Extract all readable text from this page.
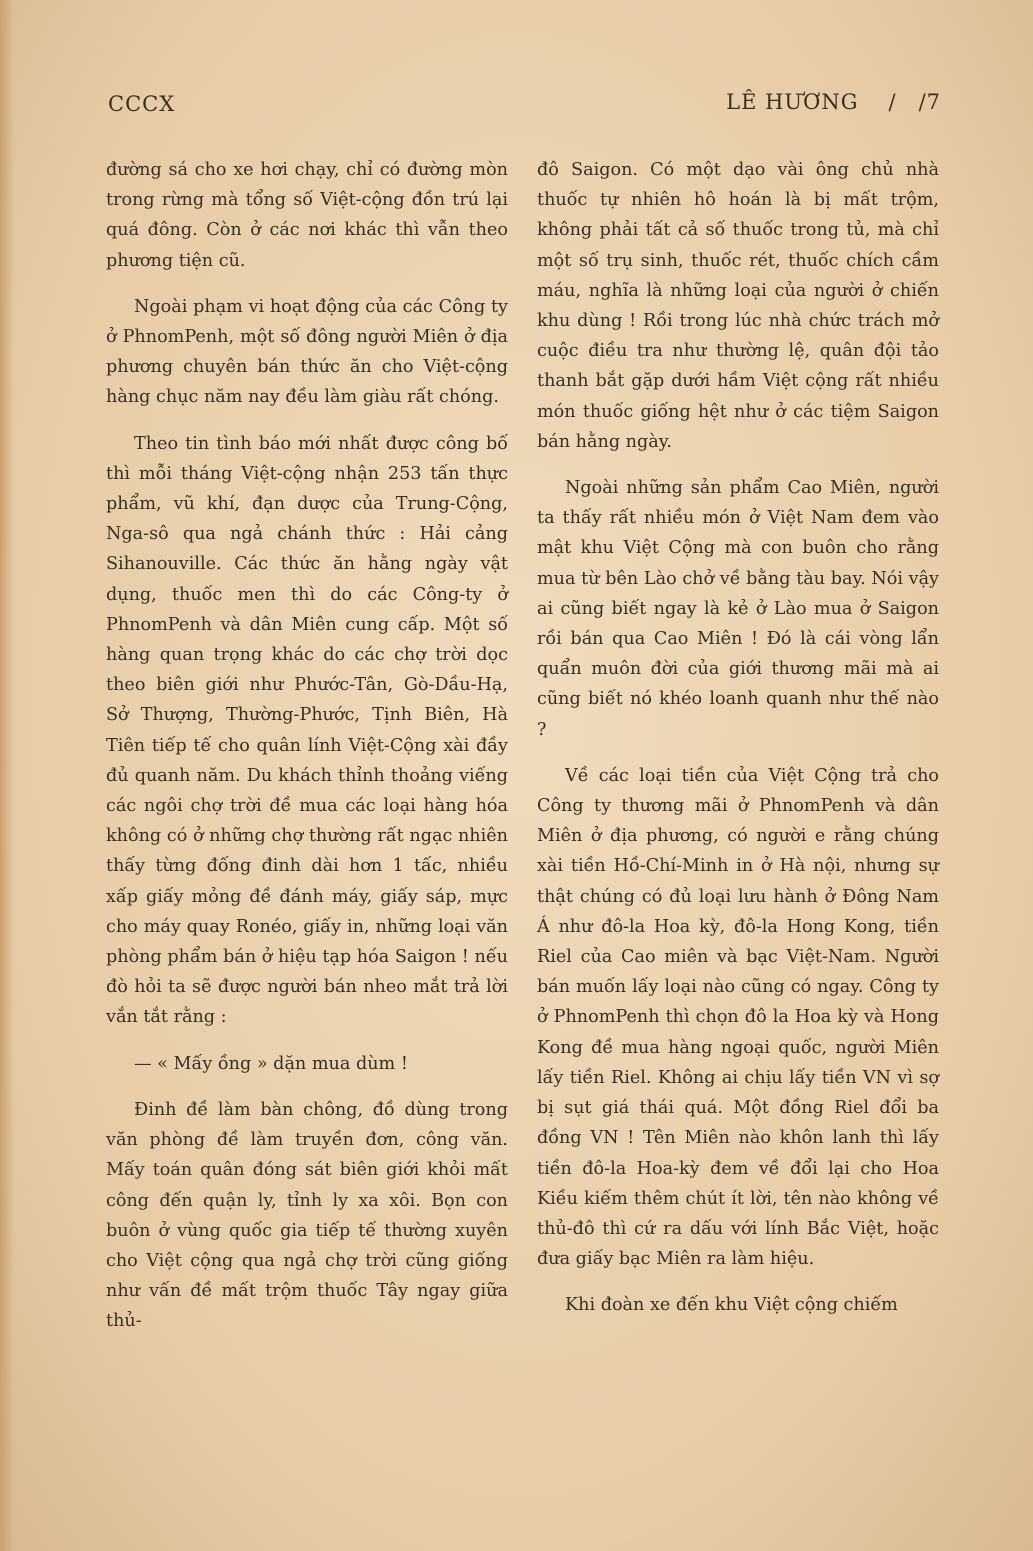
CCCX	LÊ HƯƠNG / /7

đường sá cho xe hơi chạy, chỉ có đường mòn trong rừng mà tổng số Việt-cộng đồn trú lại quá đông. Còn ở các nơi khác thì vẫn theo phương tiện cũ.

Ngoài phạm vi hoạt động của các Công ty ở PhnomPenh, một số đông người Miên ở địa phương chuyên bán thức ăn cho Việt-cộng hàng chục năm nay đều làm giàu rất chóng.

Theo tin tình báo mới nhất được công bố thì mỗi tháng Việt-cộng nhận 253 tấn thực phẩm, vũ khí, đạn dược của Trung-Cộng, Nga-sô qua ngả chánh thức : Hải cảng Sihanouville. Các thức ăn hằng ngày vật dụng, thuốc men thì do các Công-ty ở PhnomPenh và dân Miên cung cấp. Một số hàng quan trọng khác do các chợ trời dọc theo biên giới như Phước-Tân, Gò-Dầu-Hạ, Sở Thượng, Thường-Phước, Tịnh Biên, Hà Tiên tiếp tế cho quân lính Việt-Cộng xài đầy đủ quanh năm. Du khách thỉnh thoảng viếng các ngôi chợ trời đề mua các loại hàng hóa không có ở những chợ thường rất ngạc nhiên thấy từng đống đinh dài hơn 1 tấc, nhiều xấp giấy mỏng đề đánh máy, giấy sáp, mực cho máy quay Ronéo, giấy in, những loại văn phòng phẩm bán ở hiệu tạp hóa Saigon ! nếu đò hỏi ta sẽ được người bán nheo mắt trả lời vắn tắt rằng :

— « Mấy ồng » dặn mua dùm !

Đinh đề làm bàn chông, đồ dùng trong văn phòng đề làm truyền đơn, công văn. Mấy toán quân đóng sát biên giới khỏi mất công đến quận ly, tỉnh ly xa xôi. Bọn con buôn ở vùng quốc gia tiếp tế thường xuyên cho Việt cộng qua ngả chợ trời cũng giống như vấn đề mất trộm thuốc Tây ngay giữa thủ-

đô Saigon. Có một dạo vài ông chủ nhà thuốc tự nhiên hô hoán là bị mất trộm, không phải tất cả số thuốc trong tủ, mà chỉ một số trụ sinh, thuốc rét, thuốc chích cầm máu, nghĩa là những loại của người ở chiến khu dùng ! Rồi trong lúc nhà chức trách mở cuộc điều tra như thường lệ, quân đội tảo thanh bắt gặp dưới hầm Việt cộng rất nhiều món thuốc giống hệt như ở các tiệm Saigon bán hằng ngày.

Ngoài những sản phẩm Cao Miên, người ta thấy rất nhiều món ở Việt Nam đem vào mật khu Việt Cộng mà con buôn cho rằng mua từ bên Lào chở về bằng tàu bay. Nói vậy ai cũng biết ngay là kẻ ở Lào mua ở Saigon rồi bán qua Cao Miên ! Đó là cái vòng lẩn quẩn muôn đời của giới thương mãi mà ai cũng biết nó khéo loanh quanh như thế nào ?

Về các loại tiền của Việt Cộng trả cho Công ty thương mãi ở PhnomPenh và dân Miên ở địa phương, có người e rằng chúng xài tiền Hồ-Chí-Minh in ở Hà nội, nhưng sự thật chúng có đủ loại lưu hành ở Đông Nam Á như đô-la Hoa kỳ, đô-la Hong Kong, tiền Riel của Cao miên và bạc Việt-Nam. Người bán muốn lấy loại nào cũng có ngay. Công ty ở PhnomPenh thì chọn đô la Hoa kỳ và Hong Kong đề mua hàng ngoại quốc, người Miên lấy tiền Riel. Không ai chịu lấy tiền VN vì sợ bị sụt giá thái quá. Một đồng Riel đổi ba đồng VN ! Tên Miên nào khôn lanh thì lấy tiền đô-la Hoa-kỳ đem về đổi lại cho Hoa Kiều kiếm thêm chút ít lời, tên nào không về thủ-đô thì cứ ra dấu với lính Bắc Việt, hoặc đưa giấy bạc Miên ra làm hiệu.

Khi đoàn xe đến khu Việt cộng chiếm
